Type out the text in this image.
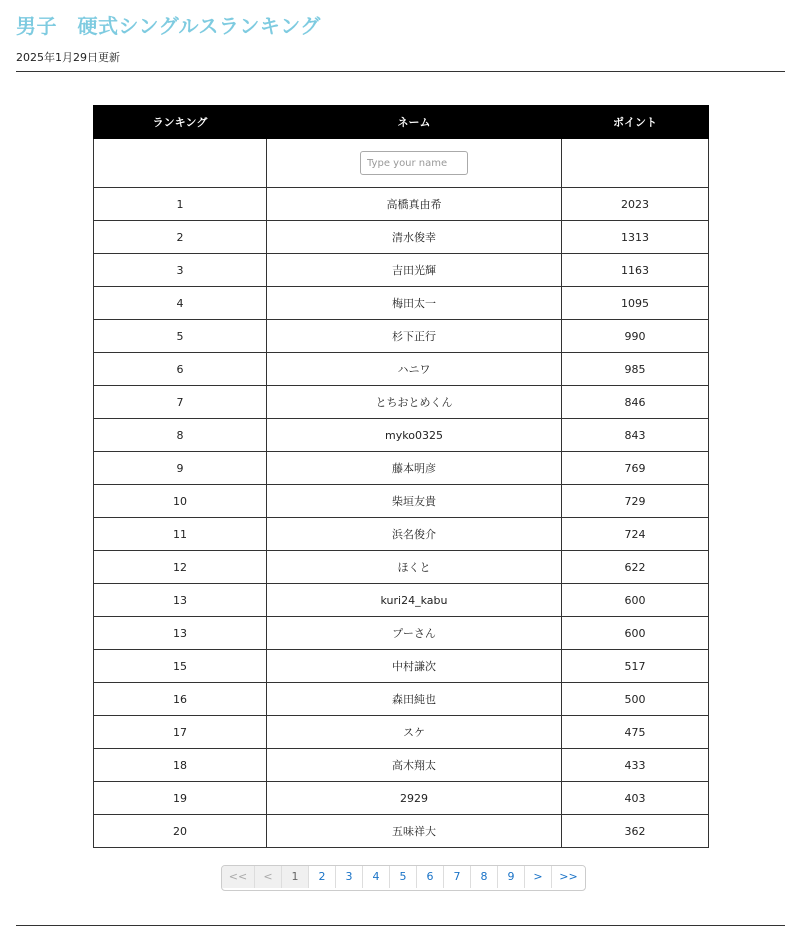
男子　硬式シングルスランキング
2025年1月29日更新
ランキング	ネーム	ポイント
	Type your name	
1	高橋真由希	2023
2	清水俊幸	1313
3	吉田光輝	1163
4	梅田太一	1095
5	杉下正行	990
6	ハニワ	985
7	とちおとめくん	846
8	myko0325	843
9	藤本明彦	769
10	柴垣友貴	729
11	浜名俊介	724
12	ほくと	622
13	kuri24_kabu	600
13	プーさん	600
15	中村謙次	517
16	森田純也	500
17	スケ	475
18	高木翔太	433
19	2929	403
20	五味祥大	362
<<	<	1	2	3	4	5	6	7	8	9	>	>>
